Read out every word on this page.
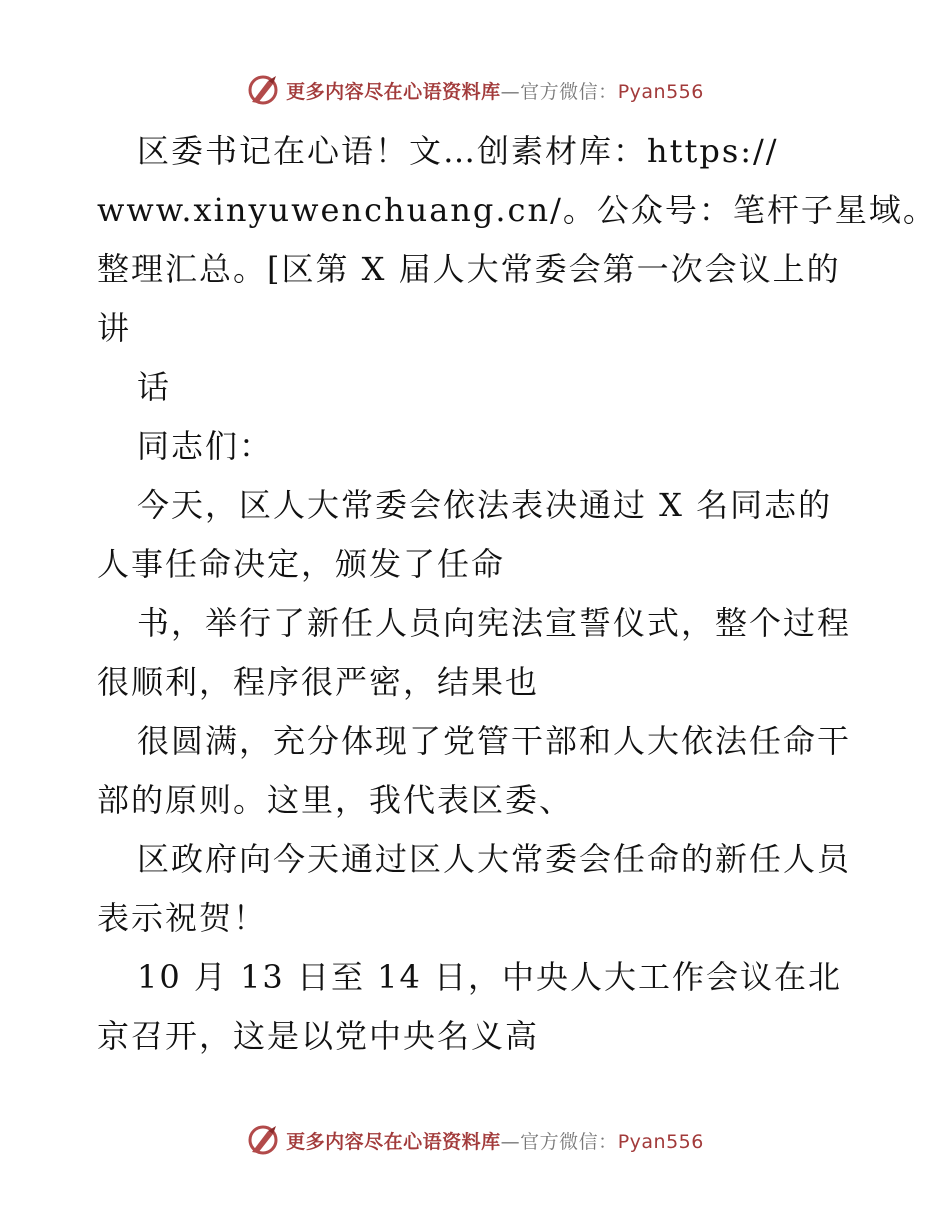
更多内容尽在心语资料库—官方微信：Pyan556
区委书记在心语！文…创素材库：https://
www.xinyuwenchuang.cn/。公众号：笔杆子星域。
整理汇总。[区第 X 届人大常委会第一次会议上的
讲
话
同志们：
今天，区人大常委会依法表决通过 X 名同志的
人事任命决定，颁发了任命
书，举行了新任人员向宪法宣誓仪式，整个过程
很顺利，程序很严密，结果也
很圆满，充分体现了党管干部和人大依法任命干
部的原则。这里，我代表区委、
区政府向今天通过区人大常委会任命的新任人员
表示祝贺！
10 月 13 日至 14 日，中央人大工作会议在北
京召开，这是以党中央名义高
更多内容尽在心语资料库—官方微信：Pyan556
